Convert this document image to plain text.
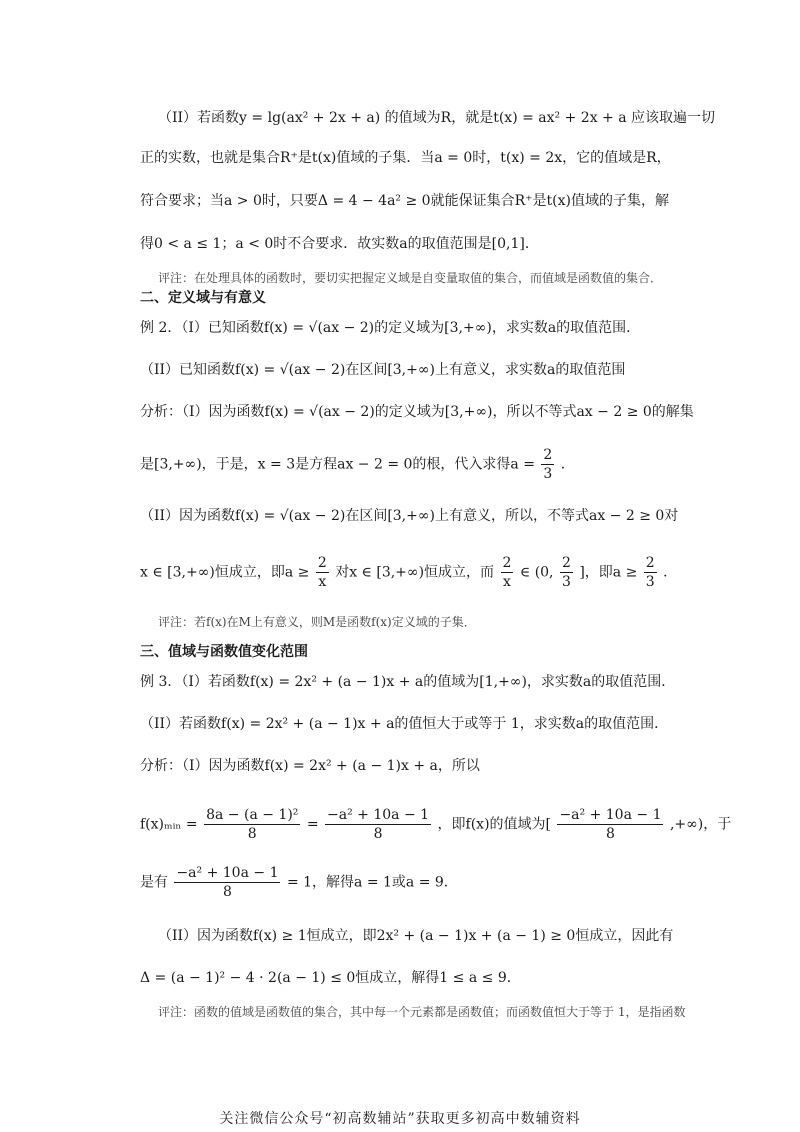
（II）若函数y = lg(ax² + 2x + a) 的值域为R，就是t(x) = ax² + 2x + a 应该取遍一切
正的实数，也就是集合R⁺是t(x)值域的子集．当a = 0时，t(x) = 2x，它的值域是R，
符合要求；当a > 0时，只要Δ = 4 − 4a² ≥ 0就能保证集合R⁺是t(x)值域的子集，解
得0 < a ≤ 1；a < 0时不合要求．故实数a的取值范围是[0,1]．
评注：在处理具体的函数时，要切实把握定义域是自变量取值的集合，而值域是函数值的集合．
二、定义域与有意义
例 2．（I）已知函数f(x) = √(ax − 2)的定义域为[3,+∞)，求实数a的取值范围．
（II）已知函数f(x) = √(ax − 2)在区间[3,+∞)上有意义，求实数a的取值范围
分析：（I）因为函数f(x) = √(ax − 2)的定义域为[3,+∞)，所以不等式ax − 2 ≥ 0的解集
是[3,+∞)，于是，x = 3是方程ax − 2 = 0的根，代入求得$a = \frac{2}{3}$ ．
（II）因为函数f(x) = √(ax − 2)在区间[3,+∞)上有意义，所以，不等式ax − 2 ≥ 0对
x ∈ [3,+∞)恒成立，即$a \ge \frac{2}{x}$ 对x ∈ [3,+∞)恒成立，而 $\frac{2}{x}$ ∈ (0, $\frac{2}{3}$ ]，即$a \ge \frac{2}{3}$ ．
评注：若f(x)在M上有意义，则M是函数f(x)定义域的子集．
三、值域与函数值变化范围
例 3．（I）若函数f(x) = 2x² + (a − 1)x + a的值域为[1,+∞)，求实数a的取值范围．
（II）若函数f(x) = 2x² + (a − 1)x + a的值恒大于或等于 1，求实数a的取值范围．
分析：（I）因为函数f(x) = 2x² + (a − 1)x + a，所以
f(x)ₘᵢₙ = $\frac{\text{8a − (a − 1)²}}{8} = \frac{\text{−a² + 10a − 1}}{8}$ ，即f(x)的值域为[ $\frac{\text{−a² + 10a − 1}}{8}$ ,+∞)，于
是有 $\frac{\text{−a² + 10a − 1}}{8} = 1$，解得a = 1或a = 9．
（II）因为函数f(x) ≥ 1恒成立，即2x² + (a − 1)x + (a − 1) ≥ 0恒成立，因此有
Δ = (a − 1)² − 4 · 2(a − 1) ≤ 0恒成立，解得1 ≤ a ≤ 9．
评注：函数的值域是函数值的集合，其中每一个元素都是函数值；而函数值恒大于等于 1，是指函数
关注微信公众号“初高数辅站”获取更多初高中数辅资料
